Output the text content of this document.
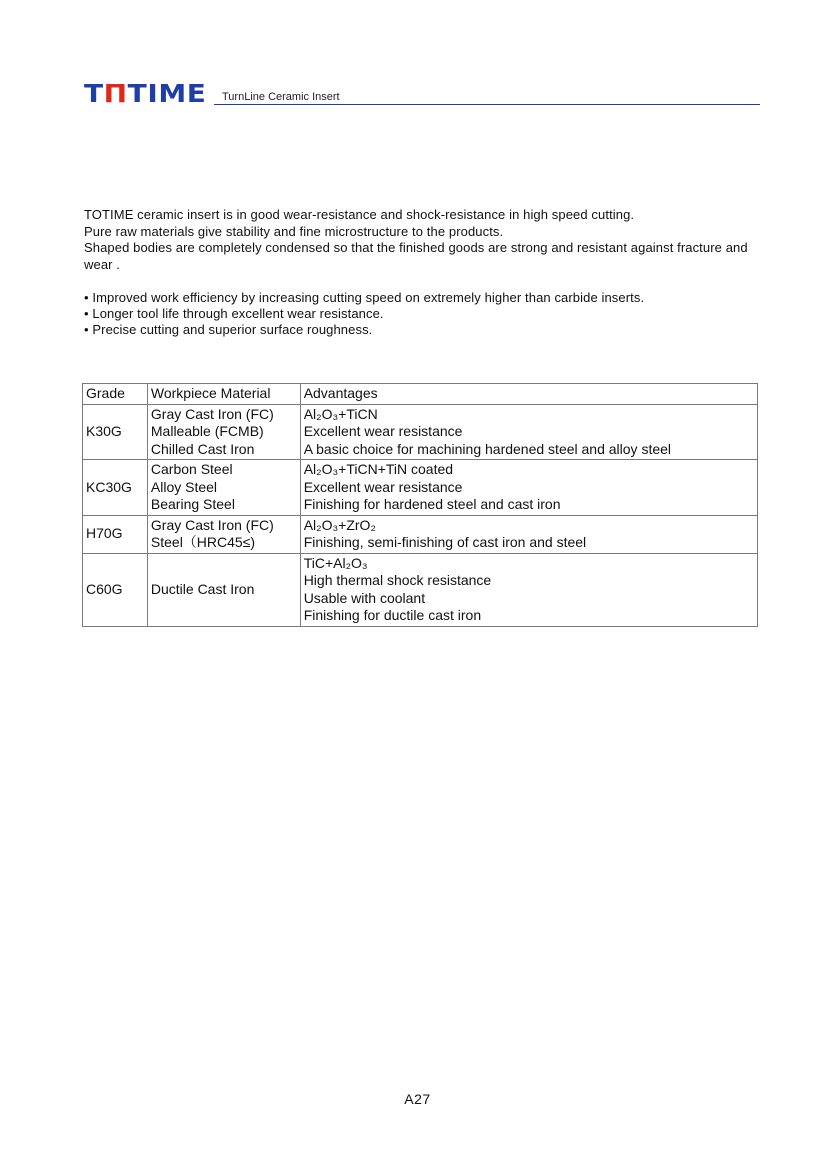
TΠTIME TurnLine Ceramic Insert

TOTIME ceramic insert is in good wear-resistance and shock-resistance in high speed cutting.

Pure raw materials give stability and fine microstructure to the products.

Shaped bodies are completely condensed so that the finished goods are strong and resistant against fracture and wear .

• Improved work efficiency by increasing cutting speed on extremely higher than carbide inserts.

• Longer tool life through excellent wear resistance.

• Precise cutting and superior surface roughness.

Grade	Workpiece Material	Advantages
K30G	Gray Cast Iron (FC)
Malleable (FCMB)
Chilled Cast Iron	Al₂O₃+TiCN
Excellent wear resistance
A basic choice for machining hardened steel and alloy steel

KC30G	Carbon Steel
Alloy Steel
Bearing Steel	Al₂O₃+TiCN+TiN coated
Excellent wear resistance
Finishing for hardened steel and cast iron

H70G	Gray Cast Iron (FC)
Steel（HRC45≤)	Al₂O₃+ZrO₂
Finishing, semi-finishing of cast iron and steel

C60G	Ductile Cast Iron	TiC+Al₂O₃
High thermal shock resistance
Usable with coolant
Finishing for ductile cast iron
A27
